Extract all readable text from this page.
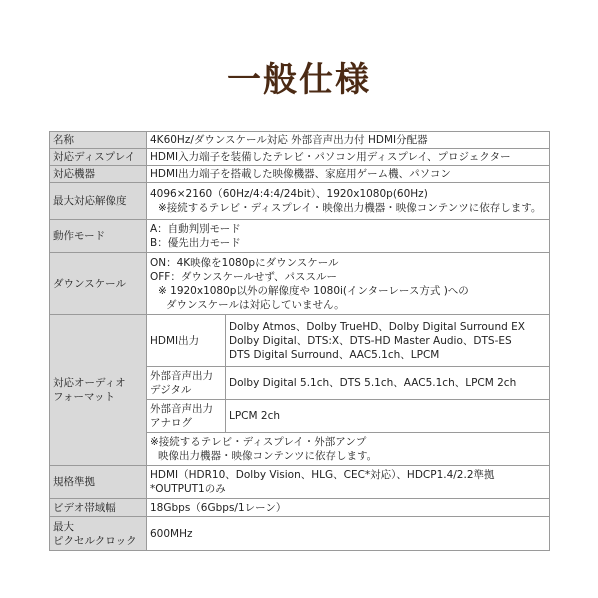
一般仕様
名称	4K60Hz/ダウンスケール対応 外部音声出力付 HDMI分配器	
対応ディスプレイ	HDMI入力端子を装備したテレビ・パソコン用ディスプレイ、プロジェクター	
対応機器	HDMI出力端子を搭載した映像機器、家庭用ゲーム機、パソコン	
最大対応解像度	4096×2160（60Hz/4:4:4/24bit）、1920x1080p(60Hz)
※接続するテレビ・ディスプレイ・映像出力機器・映像コンテンツに依存します。	

動作モード	A：自動判別モード
B：優先出力モード	

ダウンスケール	ON：4K映像を1080pにダウンスケール
OFF：ダウンスケールせず、パススルー
※ 1920x1080p以外の解像度や 1080i(インターレース方式 )への
ダウンスケールは対応していません。	

対応オーディオ
フォーマット	HDMI出力	Dolby Atmos、Dolby TrueHD、Dolby Digital Surround EX
Dolby Digital、DTS:X、DTS-HD Master Audio、DTS-ES
DTS Digital Surround、AAC5.1ch、LPCM

	外部音声出力
デジタル	Dolby Digital 5.1ch、DTS 5.1ch、AAC5.1ch、LPCM 2ch

	外部音声出力
アナログ	LPCM 2ch

	※接続するテレビ・ディスプレイ・外部アンプ
映像出力機器・映像コンテンツに依存します。	

規格準拠	HDMI（HDR10、Dolby Vision、HLG、CEC*対応）、HDCP1.4/2.2準拠
*OUTPUT1のみ	

ビデオ帯域幅	18Gbps（6Gbps/1レーン）	

最大
ピクセルクロック	600MHz	
